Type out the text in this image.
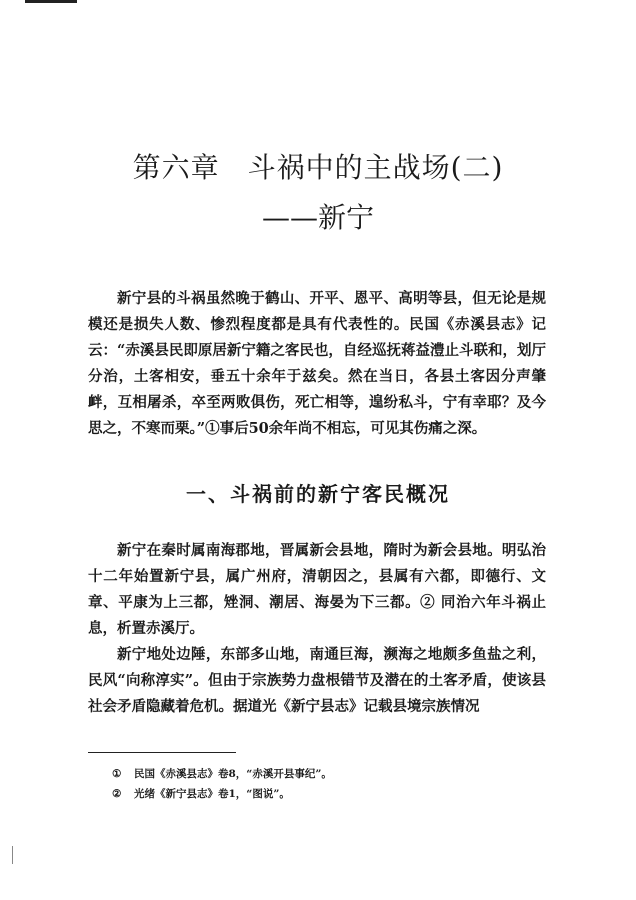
第六章 斗祸中的主战场(二)
——新宁

新宁县的斗祸虽然晚于鹤山、开平、恩平、高明等县，但无论是规模还是损失人数、惨烈程度都是具有代表性的。民国《赤溪县志》记云：“赤溪县民即原居新宁籍之客民也，自经巡抚蒋益澧止斗联和，划厅分治，土客相安，垂五十余年于兹矣。然在当日，各县土客因分声肇衅，互相屠杀，卒至两败俱伤，死亡相等，遑纷私斗，宁有幸耶？及今思之，不寒而栗。”①事后50余年尚不相忘，可见其伤痛之深。

一、斗祸前的新宁客民概况

新宁在秦时属南海郡地，晋属新会县地，隋时为新会县地。明弘治十二年始置新宁县，属广州府，清朝因之，县属有六都，即德行、文章、平康为上三都，矬洞、潮居、海晏为下三都。② 同治六年斗祸止息，析置赤溪厅。

新宁地处边陲，东部多山地，南通巨海，濒海之地颇多鱼盐之利，民风“向称淳实”。但由于宗族势力盘根错节及潜在的土客矛盾，使该县社会矛盾隐藏着危机。据道光《新宁县志》记载县境宗族情况

① 民国《赤溪县志》卷8，“赤溪开县事纪”。
② 光绪《新宁县志》卷1，“图说”。
